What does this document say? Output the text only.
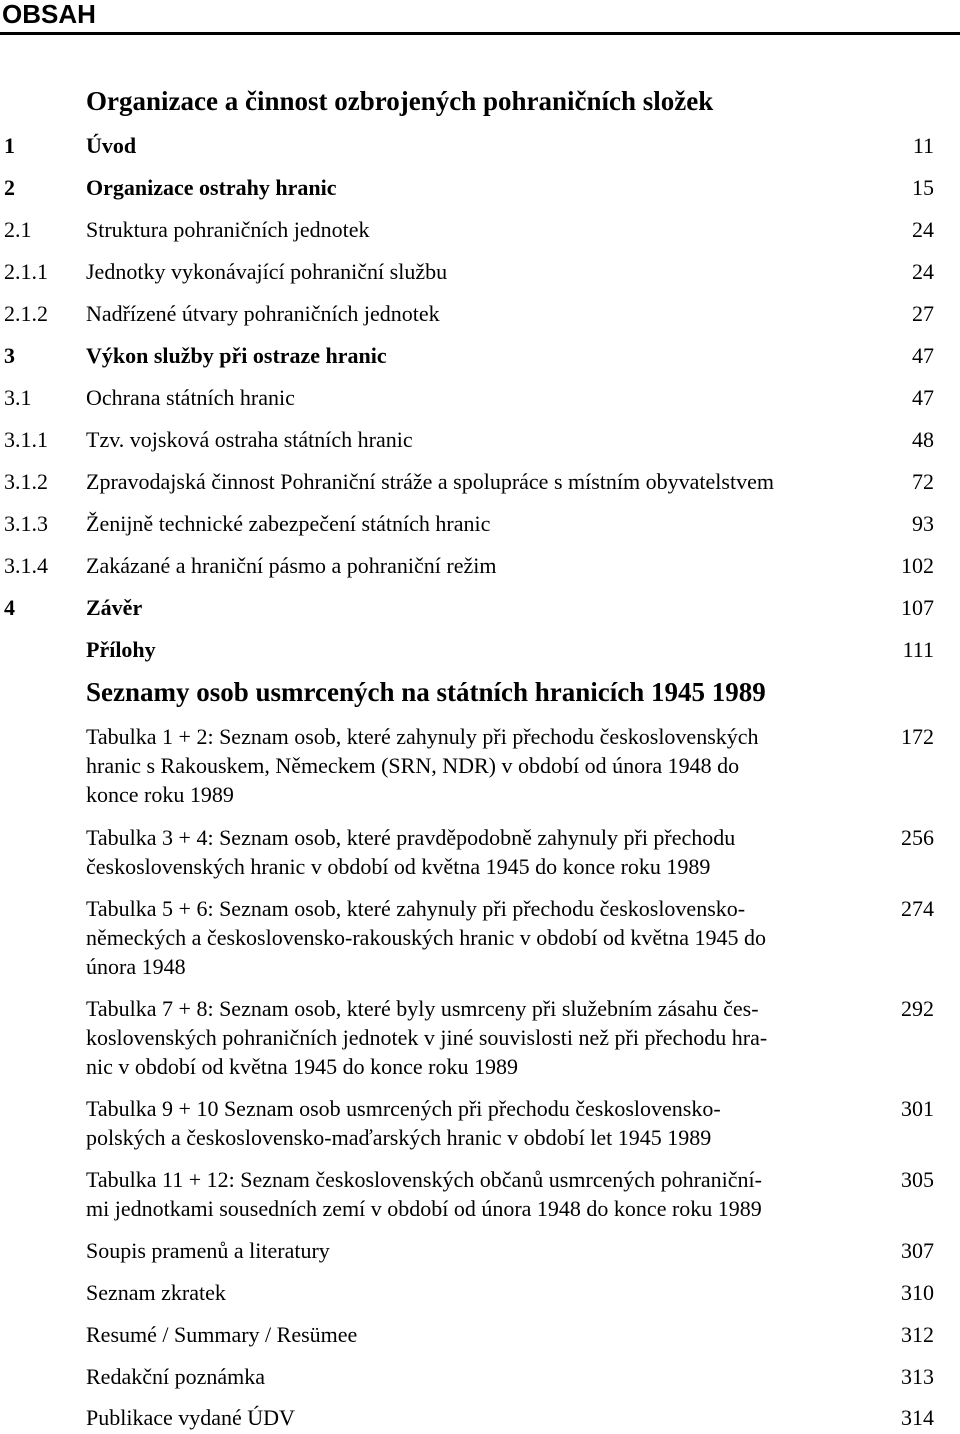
OBSAH
Organizace a činnost ozbrojených pohraničních složek
1	Úvod	11
2	Organizace ostrahy hranic	15
2.1 Struktura pohraničních jednotek	24
2.1.1 Jednotky vykonávající pohraniční službu	24
2.1.2 Nadřízené útvary pohraničních jednotek	27
3	Výkon služby při ostraze hranic	47
3.1 Ochrana státních hranic	47
3.1.1 Tzv. vojsková ostraha státních hranic	48
3.1.2 Zpravodajská činnost Pohraniční stráže a spolupráce s místním obyvatelstvem	72
3.1.3 Ženijně technické zabezpečení státních hranic	93
3.1.4 Zakázané a hraniční pásmo a pohraniční režim	102
4	Závěr	107
Přílohy	111
Seznamy osob usmrcených na státních hranicích 1945 1989
Tabulka 1 + 2: Seznam osob, které zahynuly při přechodu československých
hranic s Rakouskem, Německem (SRN, NDR) v období od února 1948 do
konce roku 1989
172
Tabulka 3 + 4: Seznam osob, které pravděpodobně zahynuly při přechodu
československých hranic v období od května 1945 do konce roku 1989
256
Tabulka 5 + 6: Seznam osob, které zahynuly při přechodu československo-
německých a československo-rakouských hranic v období od května 1945 do
února 1948
274
Tabulka 7 + 8: Seznam osob, které byly usmrceny při služebním zásahu čes-
koslovenských pohraničních jednotek v jiné souvislosti než při přechodu hra-
nic v období od května 1945 do konce roku 1989
292
Tabulka 9 + 10 Seznam osob usmrcených při přechodu československo-
polských a československo-maďarských hranic v období let 1945 1989
301
Tabulka 11 + 12: Seznam československých občanů usmrcených pohraniční-
mi jednotkami sousedních zemí v období od února 1948 do konce roku 1989
305
Soupis pramenů a literatury	307
Seznam zkratek	310
Resumé / Summary / Resümee	312
Redakční poznámka	313
Publikace vydané ÚDV	314
